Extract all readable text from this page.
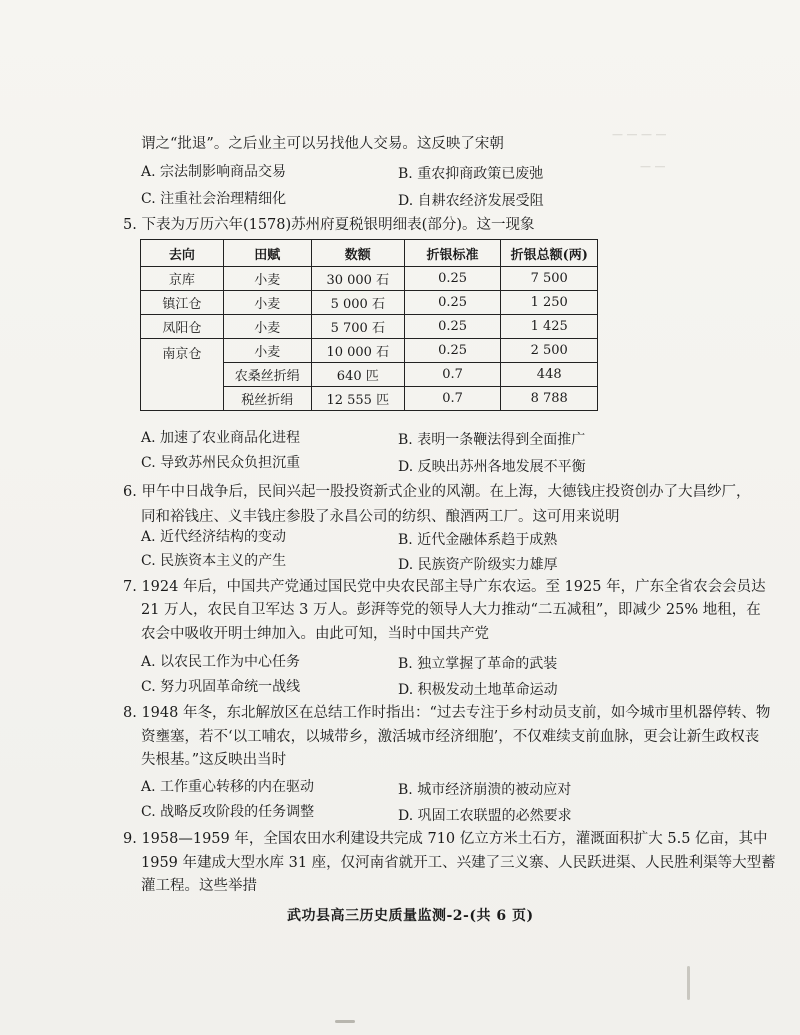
— — — —
— —
谓之“批退”。之后业主可以另找他人交易。这反映了宋朝
A. 宗法制影响商品交易	B. 重农抑商政策已废弛
C. 注重社会治理精细化	D. 自耕农经济发展受阻
5. 下表为万历六年(1578)苏州府夏税银明细表(部分)。这一现象
去向	田赋	数额	折银标准	折银总额(两)
京库	小麦	30 000 石	0.25	7 500
镇江仓	小麦	5 000 石	0.25	1 250
凤阳仓	小麦	5 700 石	0.25	1 425
南京仓	小麦	10 000 石	0.25	2 500
	农桑丝折绢	640 匹	0.7	448
	税丝折绢	12 555 匹	0.7	8 788
A. 加速了农业商品化进程	B. 表明一条鞭法得到全面推广
C. 导致苏州民众负担沉重	D. 反映出苏州各地发展不平衡
6. 甲午中日战争后，民间兴起一股投资新式企业的风潮。在上海，大德钱庄投资创办了大昌纱厂，
同和裕钱庄、义丰钱庄参股了永昌公司的纺织、酿酒两工厂。这可用来说明
A. 近代经济结构的变动	B. 近代金融体系趋于成熟
C. 民族资本主义的产生	D. 民族资产阶级实力雄厚
7. 1924 年后，中国共产党通过国民党中央农民部主导广东农运。至 1925 年，广东全省农会会员达
21 万人，农民自卫军达 3 万人。彭湃等党的领导人大力推动“二五减租”，即减少 25% 地租，在
农会中吸收开明士绅加入。由此可知，当时中国共产党
A. 以农民工作为中心任务	B. 独立掌握了革命的武装
C. 努力巩固革命统一战线	D. 积极发动土地革命运动
8. 1948 年冬，东北解放区在总结工作时指出：“过去专注于乡村动员支前，如今城市里机器停转、物
资壅塞，若不‘以工哺农，以城带乡，激活城市经济细胞’，不仅难续支前血脉，更会让新生政权丧
失根基。”这反映出当时
A. 工作重心转移的内在驱动	B. 城市经济崩溃的被动应对
C. 战略反攻阶段的任务调整	D. 巩固工农联盟的必然要求
9. 1958—1959 年，全国农田水利建设共完成 710 亿立方米土石方，灌溉面积扩大 5.5 亿亩，其中
1959 年建成大型水库 31 座，仅河南省就开工、兴建了三义寨、人民跃进渠、人民胜利渠等大型蓄
灌工程。这些举措
武功县高三历史质量监测-2-(共 6 页)
